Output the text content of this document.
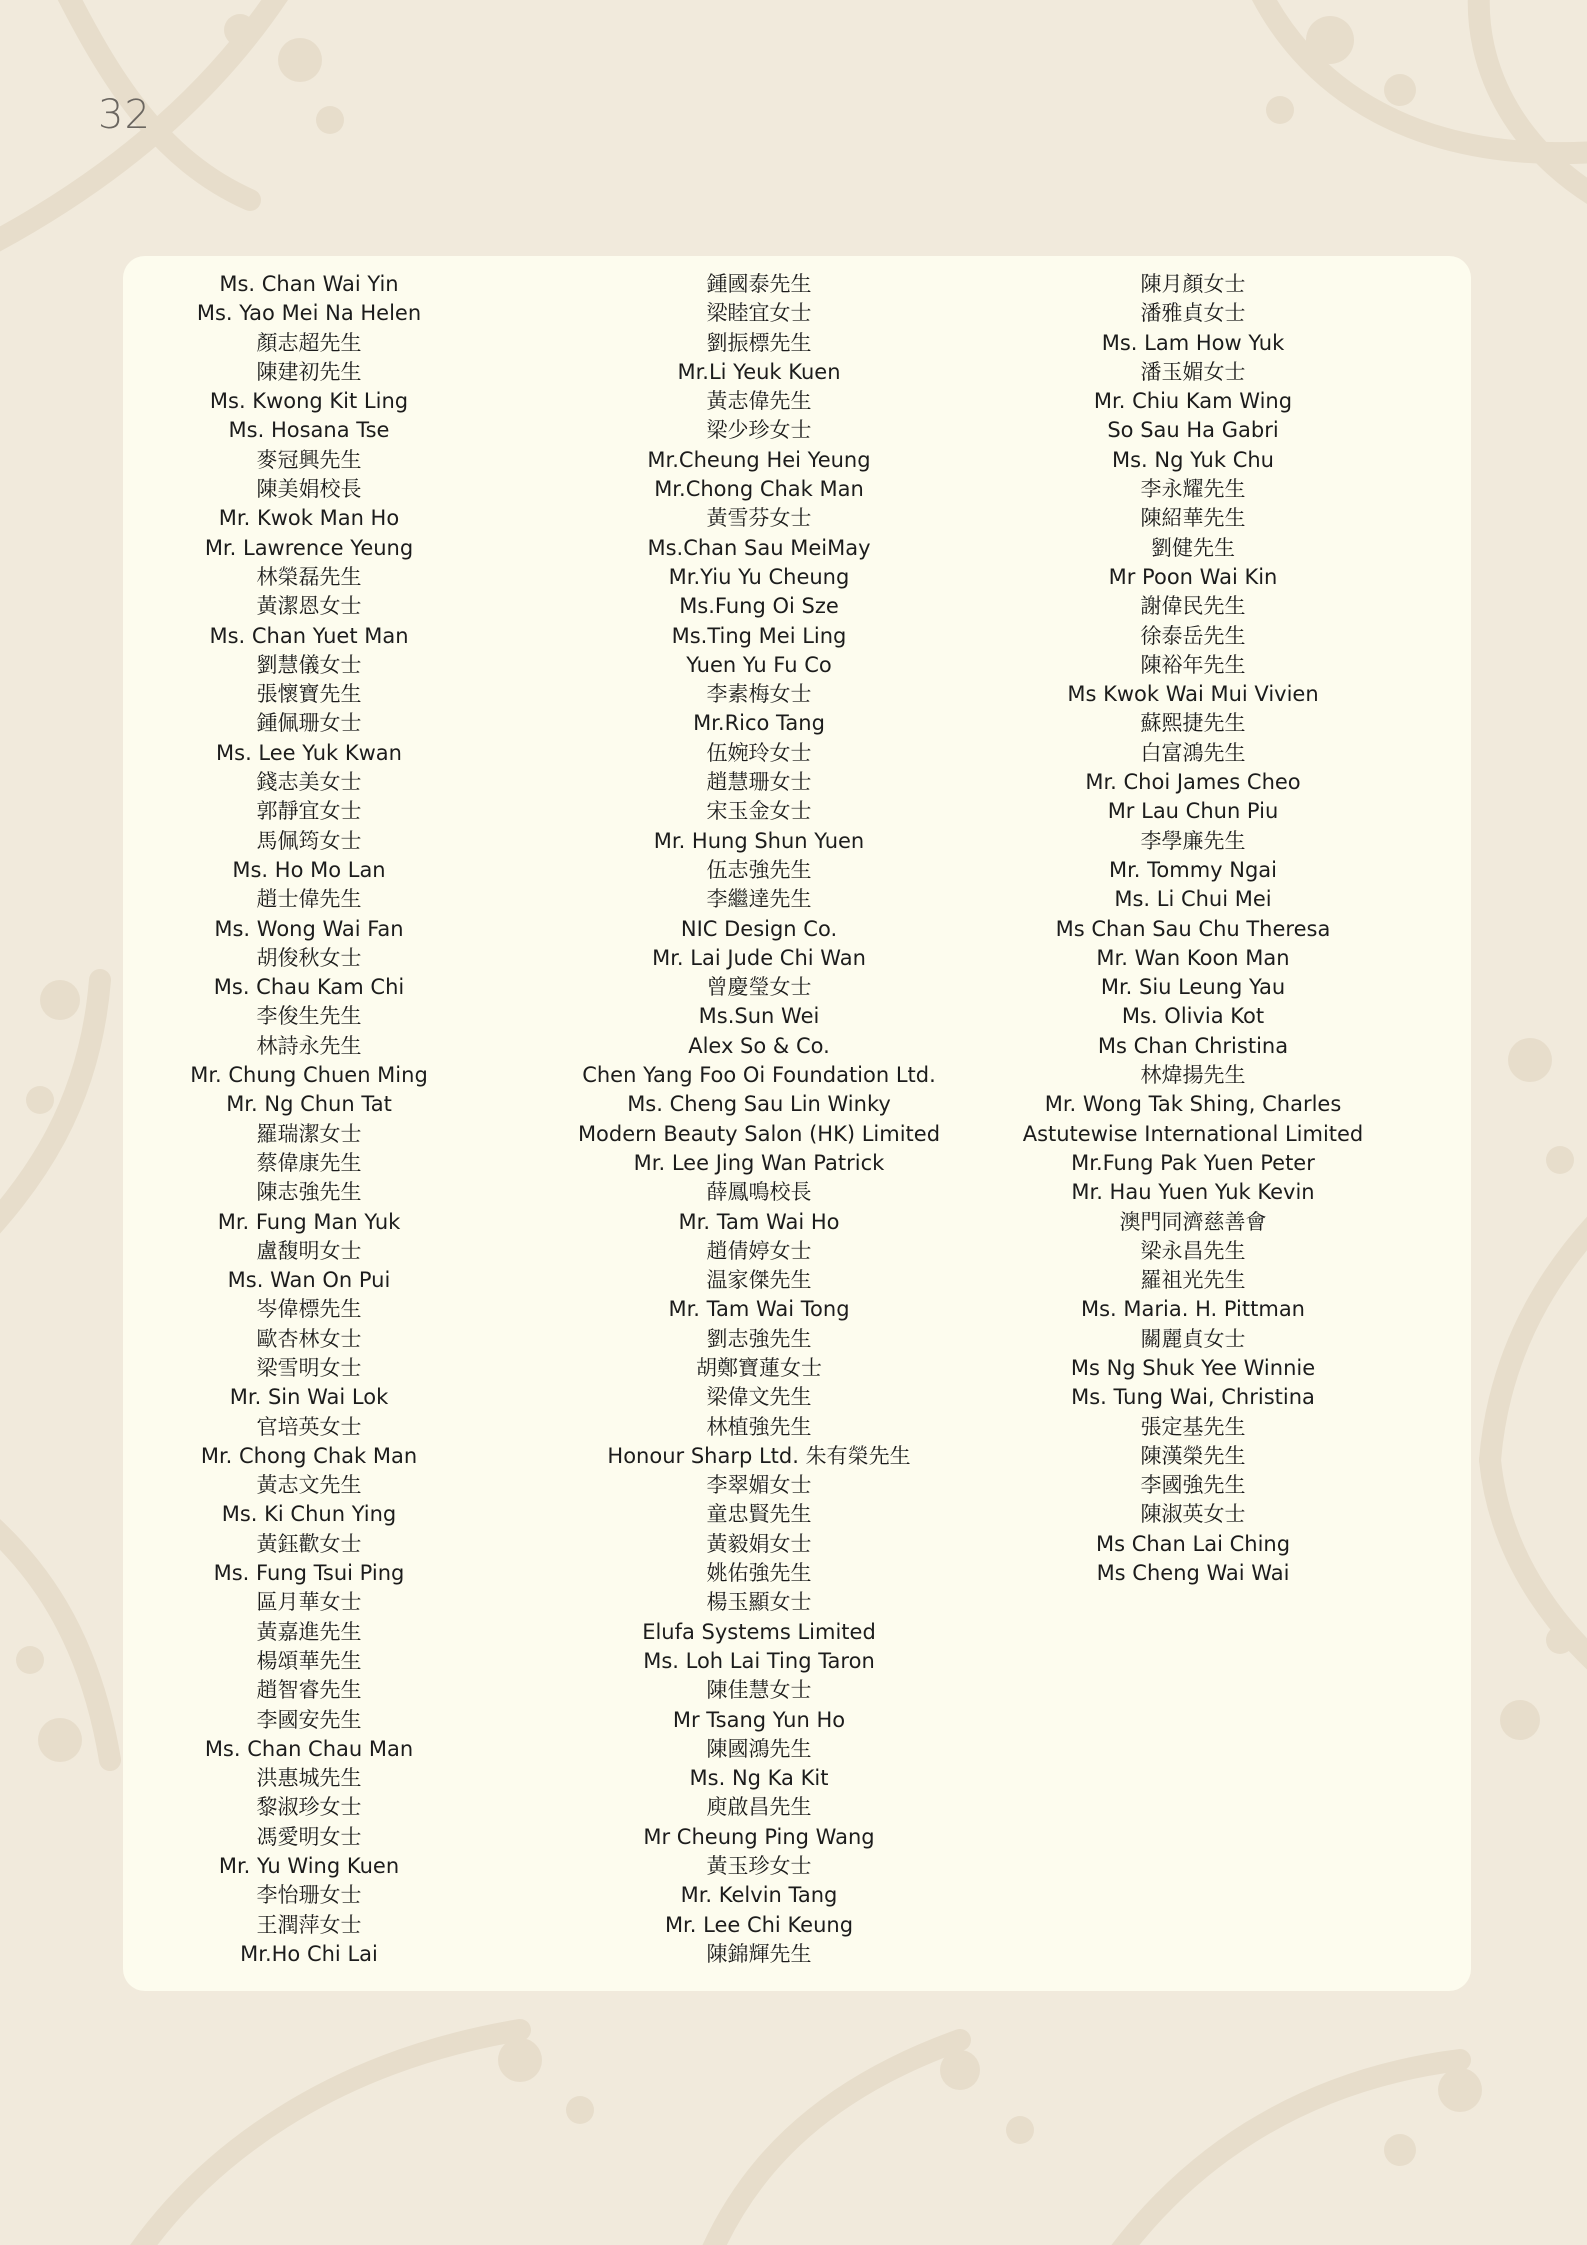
32
Ms. Chan Wai Yin
Ms. Yao Mei Na Helen
顏志超先生
陳建初先生
Ms. Kwong Kit Ling
Ms. Hosana Tse
麥冠興先生
陳美娟校長
Mr. Kwok Man Ho
Mr. Lawrence Yeung
林榮磊先生
黃潔恩女士
Ms. Chan Yuet Man
劉慧儀女士
張懷寶先生
鍾佩珊女士
Ms. Lee Yuk Kwan
錢志美女士
郭靜宜女士
馬佩筠女士
Ms. Ho Mo Lan
趙士偉先生
Ms. Wong Wai Fan
胡俊秋女士
Ms. Chau Kam Chi
李俊生先生
林詩永先生
Mr. Chung Chuen Ming
Mr. Ng Chun Tat
羅瑞潔女士
蔡偉康先生
陳志強先生
Mr. Fung Man Yuk
盧馥明女士
Ms. Wan On Pui
岑偉標先生
歐杏林女士
梁雪明女士
Mr. Sin Wai Lok
官培英女士
Mr. Chong Chak Man
黃志文先生
Ms. Ki Chun Ying
黃鈺歡女士
Ms. Fung Tsui Ping
區月華女士
黃嘉進先生
楊頌華先生
趙智睿先生
李國安先生
Ms. Chan Chau Man
洪惠城先生
黎淑珍女士
馮愛明女士
Mr. Yu Wing Kuen
李怡珊女士
王潤萍女士
Mr.Ho Chi Lai
鍾國泰先生
梁睦宜女士
劉振標先生
Mr.Li Yeuk Kuen
黃志偉先生
梁少珍女士
Mr.Cheung Hei Yeung
Mr.Chong Chak Man
黃雪芬女士
Ms.Chan Sau MeiMay
Mr.Yiu Yu Cheung
Ms.Fung Oi Sze
Ms.Ting Mei Ling
Yuen Yu Fu Co
李素梅女士
Mr.Rico Tang
伍婉玲女士
趙慧珊女士
宋玉金女士
Mr. Hung Shun Yuen
伍志強先生
李繼達先生
NIC Design Co.
Mr. Lai Jude Chi Wan
曾慶瑩女士
Ms.Sun Wei
Alex So & Co.
Chen Yang Foo Oi Foundation Ltd.
Ms. Cheng Sau Lin Winky
Modern Beauty Salon (HK) Limited
Mr. Lee Jing Wan Patrick
薛鳳鳴校長
Mr. Tam Wai Ho
趙倩婷女士
温家傑先生
Mr. Tam Wai Tong
劉志強先生
胡鄭寶蓮女士
梁偉文先生
林植強先生
Honour Sharp Ltd. 朱有榮先生
李翠媚女士
童忠賢先生
黃毅娟女士
姚佑強先生
楊玉顯女士
Elufa Systems Limited
Ms. Loh Lai Ting Taron
陳佳慧女士
Mr Tsang Yun Ho
陳國鴻先生
Ms. Ng Ka Kit
庾啟昌先生
Mr Cheung Ping Wang
黃玉珍女士
Mr. Kelvin Tang
Mr. Lee Chi Keung
陳錦輝先生
陳月顏女士
潘雅貞女士
Ms. Lam How Yuk
潘玉媚女士
Mr. Chiu Kam Wing
So Sau Ha Gabri
Ms. Ng Yuk Chu
李永耀先生
陳紹華先生
劉健先生
Mr Poon Wai Kin
謝偉民先生
徐泰岳先生
陳裕年先生
Ms Kwok Wai Mui Vivien
蘇熙捷先生
白富鴻先生
Mr. Choi James Cheo
Mr Lau Chun Piu
李學廉先生
Mr. Tommy Ngai
Ms. Li Chui Mei
Ms Chan Sau Chu Theresa
Mr. Wan Koon Man
Mr. Siu Leung Yau
Ms. Olivia Kot
Ms Chan Christina
林煒揚先生
Mr. Wong Tak Shing, Charles
Astutewise International Limited
Mr.Fung Pak Yuen Peter
Mr. Hau Yuen Yuk Kevin
澳門同濟慈善會
梁永昌先生
羅祖光先生
Ms. Maria. H. Pittman
關麗貞女士
Ms Ng Shuk Yee Winnie
Ms. Tung Wai, Christina
張定基先生
陳漢榮先生
李國強先生
陳淑英女士
Ms Chan Lai Ching
Ms Cheng Wai Wai
